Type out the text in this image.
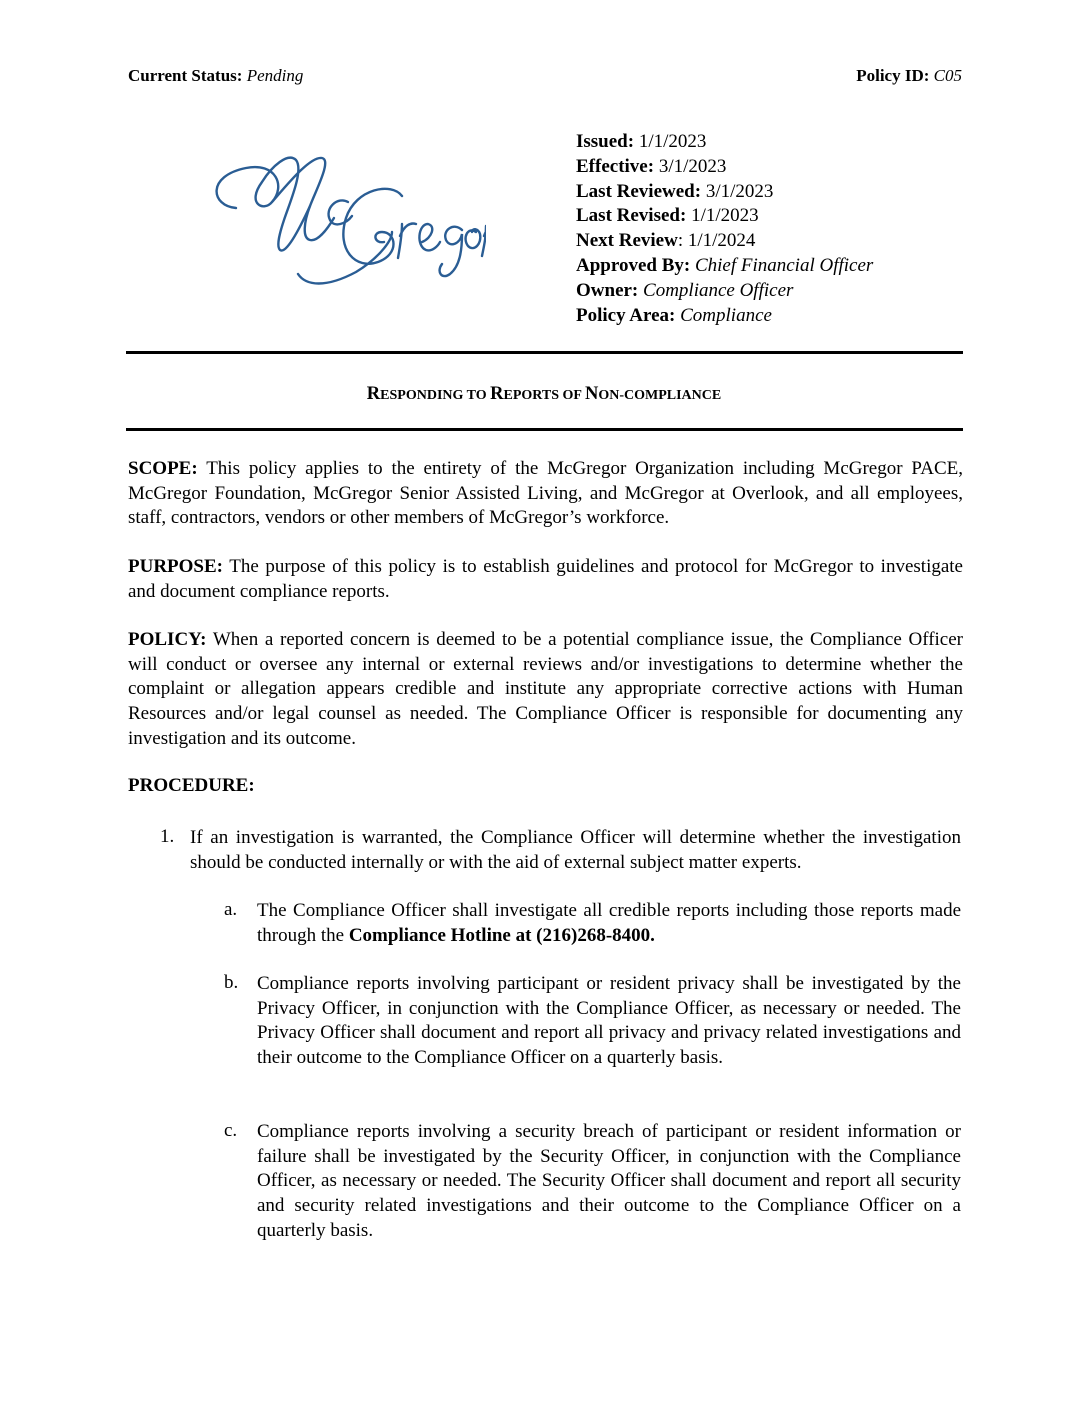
Current Status: Pending	Policy ID: C05
McGregor	Issued: 1/1/2023
Effective: 3/1/2023
Last Reviewed: 3/1/2023
Last Revised: 1/1/2023
Next Review: 1/1/2024
Approved By: Chief Financial Officer
Owner: Compliance Officer
Policy Area: Compliance
RESPONDING TO REPORTS OF NON-COMPLIANCE
SCOPE: This policy applies to the entirety of the McGregor Organization including McGregor PACE, McGregor Foundation, McGregor Senior Assisted Living, and McGregor at Overlook, and all employees, staff, contractors, vendors or other members of McGregor’s workforce.
PURPOSE: The purpose of this policy is to establish guidelines and protocol for McGregor to investigate and document compliance reports.
POLICY: When a reported concern is deemed to be a potential compliance issue, the Compliance Officer will conduct or oversee any internal or external reviews and/or investigations to determine whether the complaint or allegation appears credible and institute any appropriate corrective actions with Human Resources and/or legal counsel as needed. The Compliance Officer is responsible for documenting any investigation and its outcome.
PROCEDURE:
1. If an investigation is warranted, the Compliance Officer will determine whether the investigation should be conducted internally or with the aid of external subject matter experts.
a. The Compliance Officer shall investigate all credible reports including those reports made through the Compliance Hotline at (216)268-8400.
b. Compliance reports involving participant or resident privacy shall be investigated by the Privacy Officer, in conjunction with the Compliance Officer, as necessary or needed. The Privacy Officer shall document and report all privacy and privacy related investigations and their outcome to the Compliance Officer on a quarterly basis.
c. Compliance reports involving a security breach of participant or resident information or failure shall be investigated by the Security Officer, in conjunction with the Compliance Officer, as necessary or needed. The Security Officer shall document and report all security and security related investigations and their outcome to the Compliance Officer on a quarterly basis.
